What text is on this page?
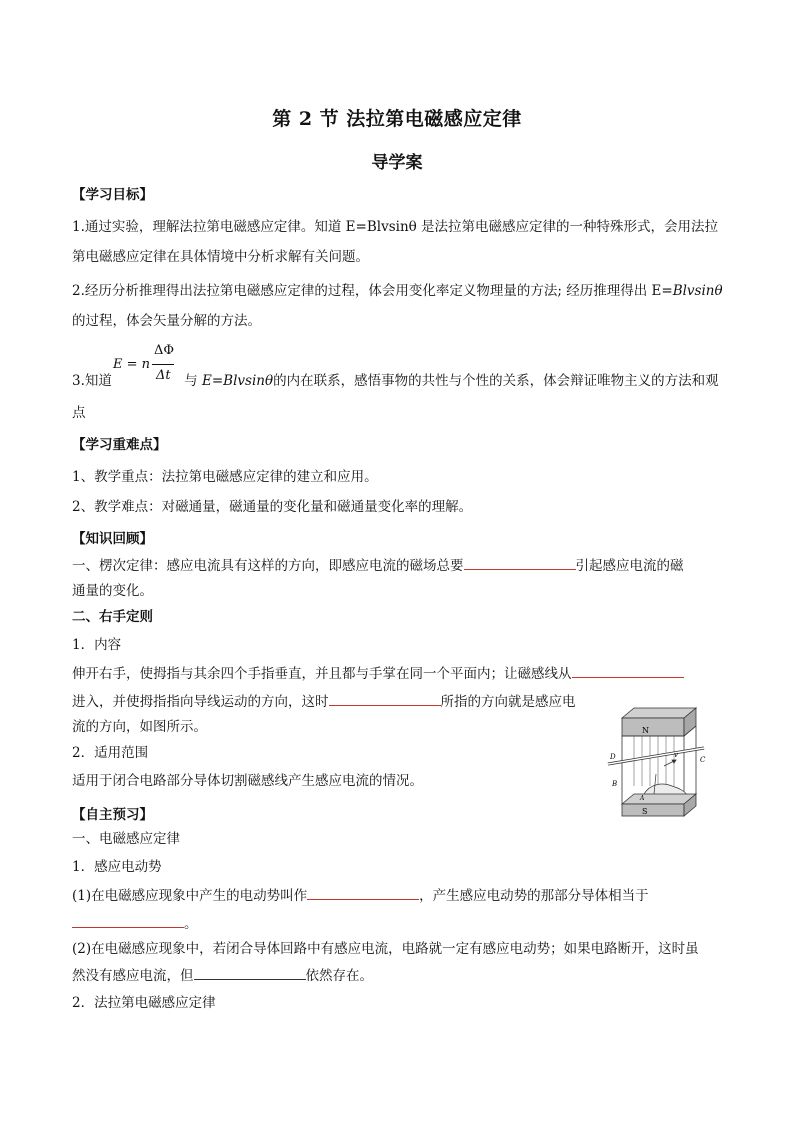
第 2 节 法拉第电磁感应定律
导学案
【学习目标】
1.通过实验，理解法拉第电磁感应定律。知道 E=Blvsinθ 是法拉第电磁感应定律的一种特殊形式，会用法拉
第电磁感应定律在具体情境中分析求解有关问题。
2.经历分析推理得出法拉第电磁感应定律的过程，体会用变化率定义物理量的方法; 经历推理得出 E=Blvsinθ
的过程，体会矢量分解的方法。
3.知道	与 E=Blvsinθ的内在联系，感悟事物的共性与个性的关系，体会辩证唯物主义的方法和观
E = n
ΔΦ
Δt
点
【学习重难点】
1、教学重点：法拉第电磁感应定律的建立和应用。
2、教学难点：对磁通量，磁通量的变化量和磁通量变化率的理解。
【知识回顾】
一、楞次定律：感应电流具有这样的方向，即感应电流的磁场总要	引起感应电流的磁
通量的变化。
二、右手定则
1．内容
伸开右手，使拇指与其余四个手指垂直，并且都与手掌在同一个平面内；让磁感线从
进入，并使拇指指向导线运动的方向，这时	所指的方向就是感应电
流的方向，如图所示。
2．适用范围
适用于闭合电路部分导体切割磁感线产生感应电流的情况。
【自主预习】
一、电磁感应定律
1．感应电动势
(1)在电磁感应现象中产生的电动势叫作	，产生感应电动势的那部分导体相当于
。
(2)在电磁感应现象中，若闭合导体回路中有感应电流，电路就一定有感应电动势；如果电路断开，这时虽
然没有感应电流，但	依然存在。
2．法拉第电磁感应定律
N
S
v
D	C
B
A
